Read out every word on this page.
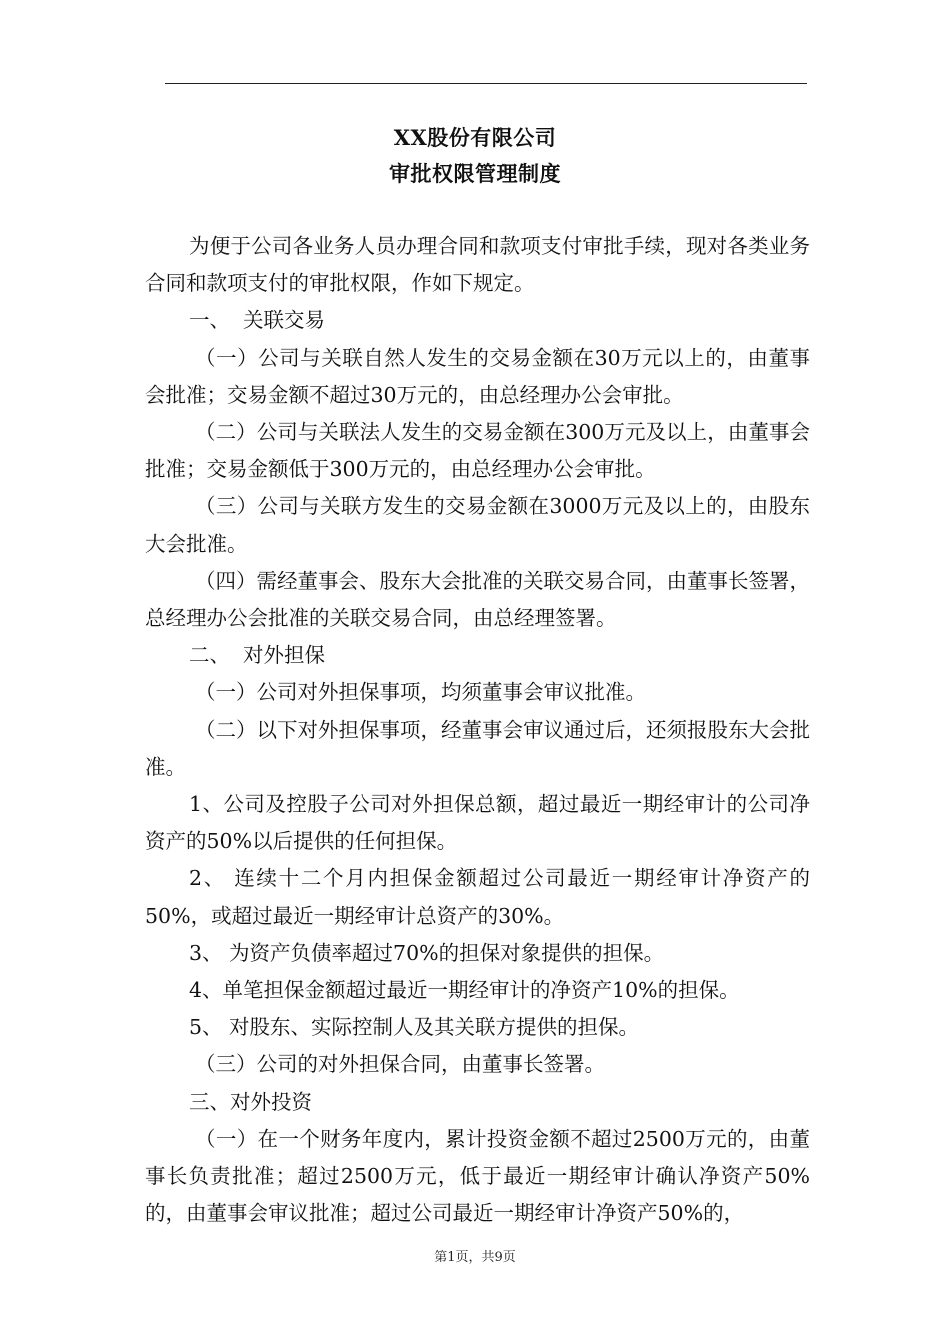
XX股份有限公司
审批权限管理制度

为便于公司各业务人员办理合同和款项支付审批手续，现对各类业务合同和款项支付的审批权限，作如下规定。

一、  关联交易

（一）公司与关联自然人发生的交易金额在30万元以上的，由董事会批准；交易金额不超过30万元的，由总经理办公会审批。

（二）公司与关联法人发生的交易金额在300万元及以上，由董事会批准；交易金额低于300万元的，由总经理办公会审批。

（三）公司与关联方发生的交易金额在3000万元及以上的，由股东大会批准。

（四）需经董事会、股东大会批准的关联交易合同，由董事长签署，总经理办公会批准的关联交易合同，由总经理签署。

二、  对外担保

（一）公司对外担保事项，均须董事会审议批准。

（二）以下对外担保事项，经董事会审议通过后，还须报股东大会批准。

1、公司及控股子公司对外担保总额，超过最近一期经审计的公司净资产的50%以后提供的任何担保。

2、 连续十二个月内担保金额超过公司最近一期经审计净资产的50%，或超过最近一期经审计总资产的30%。

3、 为资产负债率超过70%的担保对象提供的担保。

4、单笔担保金额超过最近一期经审计的净资产10%的担保。

5、 对股东、实际控制人及其关联方提供的担保。

（三）公司的对外担保合同，由董事长签署。

三、对外投资

（一）在一个财务年度内，累计投资金额不超过2500万元的，由董事长负责批准；超过2500万元，低于最近一期经审计确认净资产50%的，由董事会审议批准；超过公司最近一期经审计净资产50%的，

第1页，共9页
